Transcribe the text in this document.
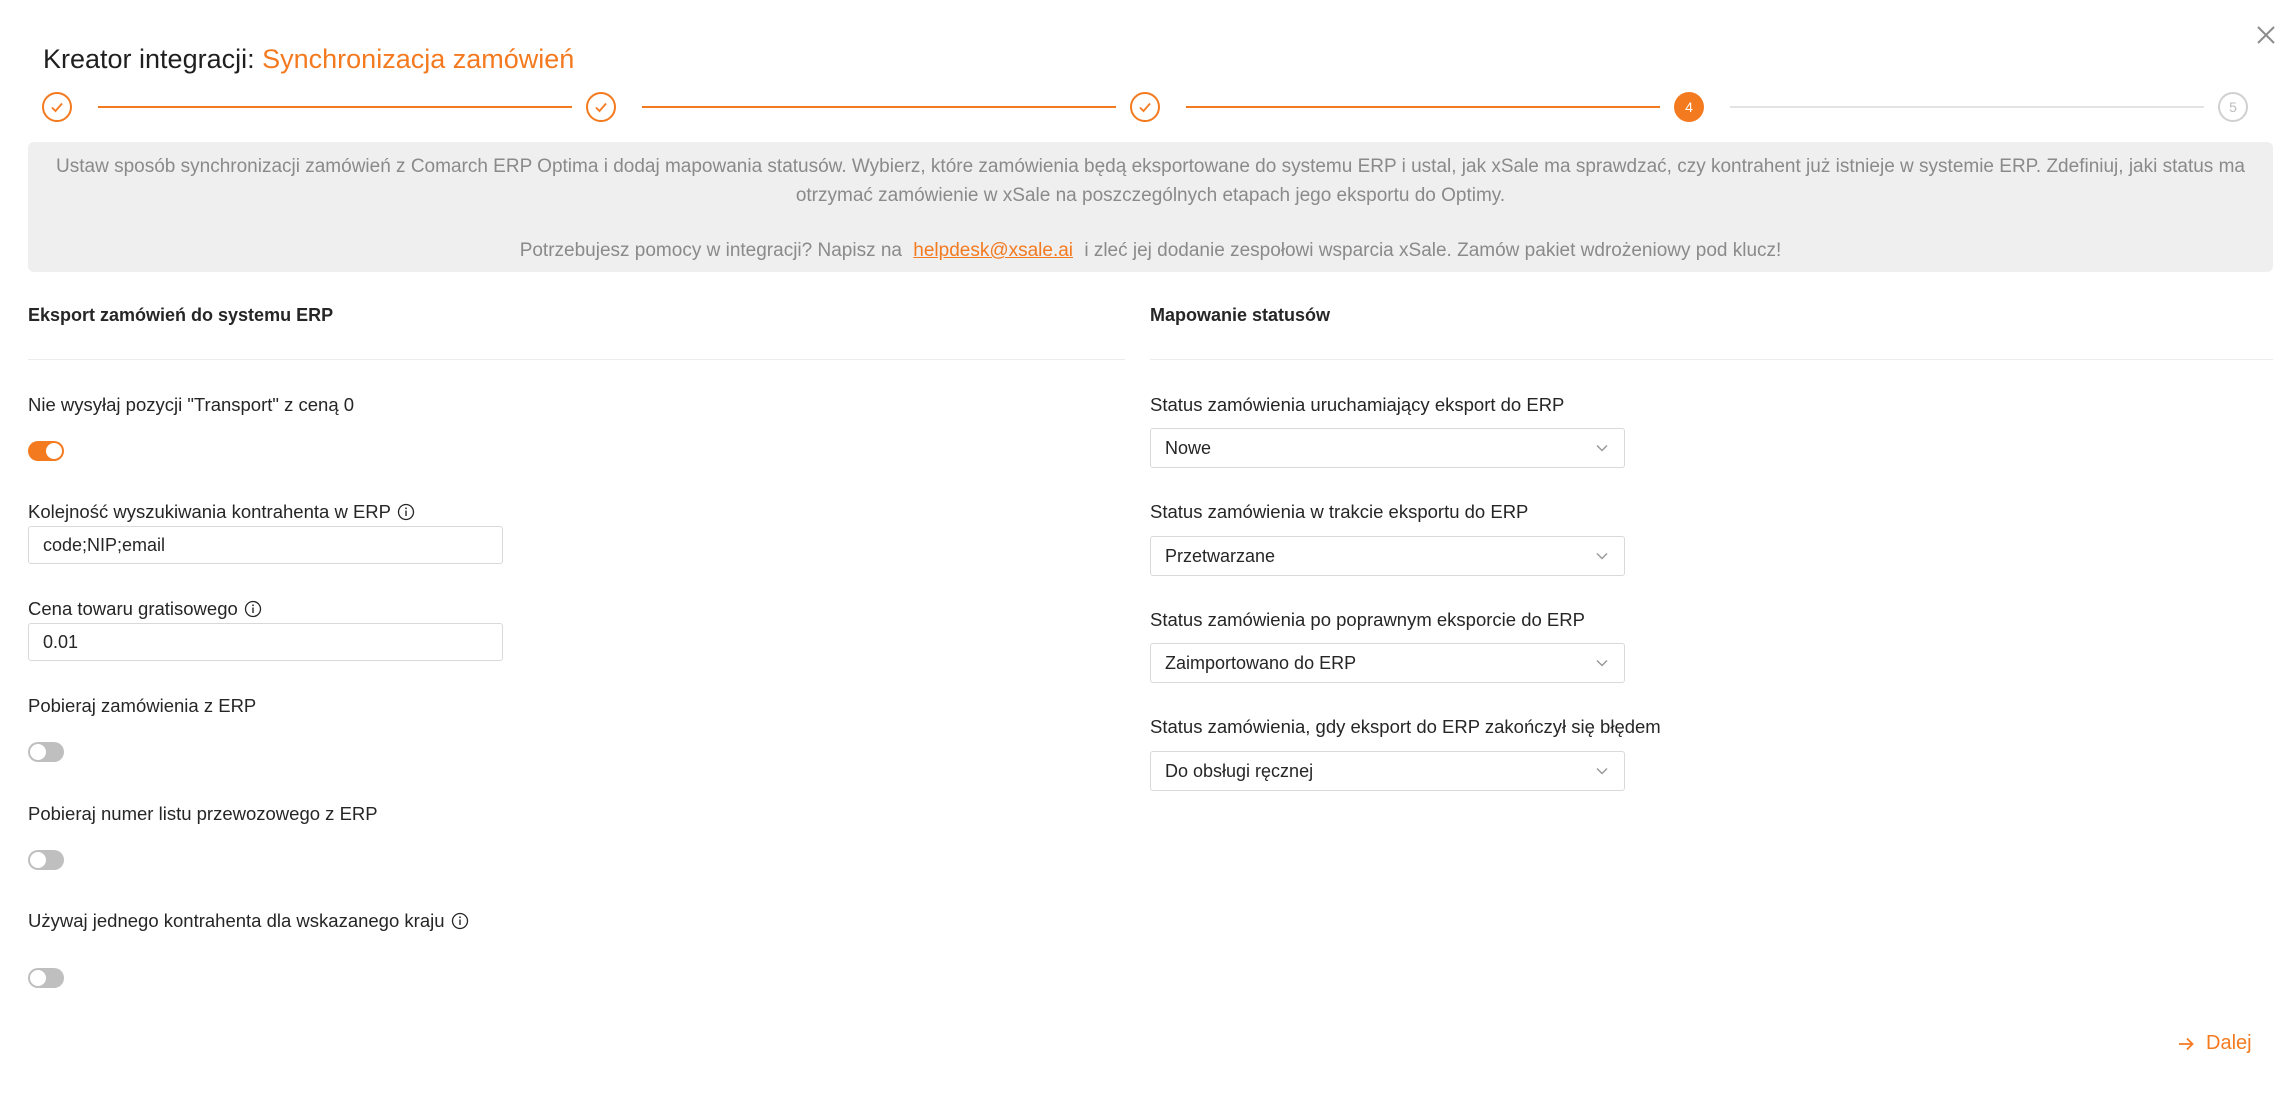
Kreator integracji: Synchronizacja zamówień
4	5
Ustaw sposób synchronizacji zamówień z Comarch ERP Optima i dodaj mapowania statusów. Wybierz, które zamówienia będą eksportowane do systemu ERP i ustal, jak xSale ma sprawdzać, czy kontrahent już istnieje w systemie ERP. Zdefiniuj, jaki status ma otrzymać zamówienie w xSale na poszczególnych etapach jego eksportu do Optimy.
Potrzebujesz pomocy w integracji? Napisz na helpdesk@xsale.ai i zleć jej dodanie zespołowi wsparcia xSale. Zamów pakiet wdrożeniowy pod klucz!
Eksport zamówień do systemu ERP
Nie wysyłaj pozycji "Transport" z ceną 0
Kolejność wyszukiwania kontrahenta w ERP
code;NIP;email
Cena towaru gratisowego
0.01
Pobieraj zamówienia z ERP
Pobieraj numer listu przewozowego z ERP
Używaj jednego kontrahenta dla wskazanego kraju
Mapowanie statusów
Status zamówienia uruchamiający eksport do ERP
Nowe
Status zamówienia w trakcie eksportu do ERP
Przetwarzane
Status zamówienia po poprawnym eksporcie do ERP
Zaimportowano do ERP
Status zamówienia, gdy eksport do ERP zakończył się błędem
Do obsługi ręcznej
Dalej
